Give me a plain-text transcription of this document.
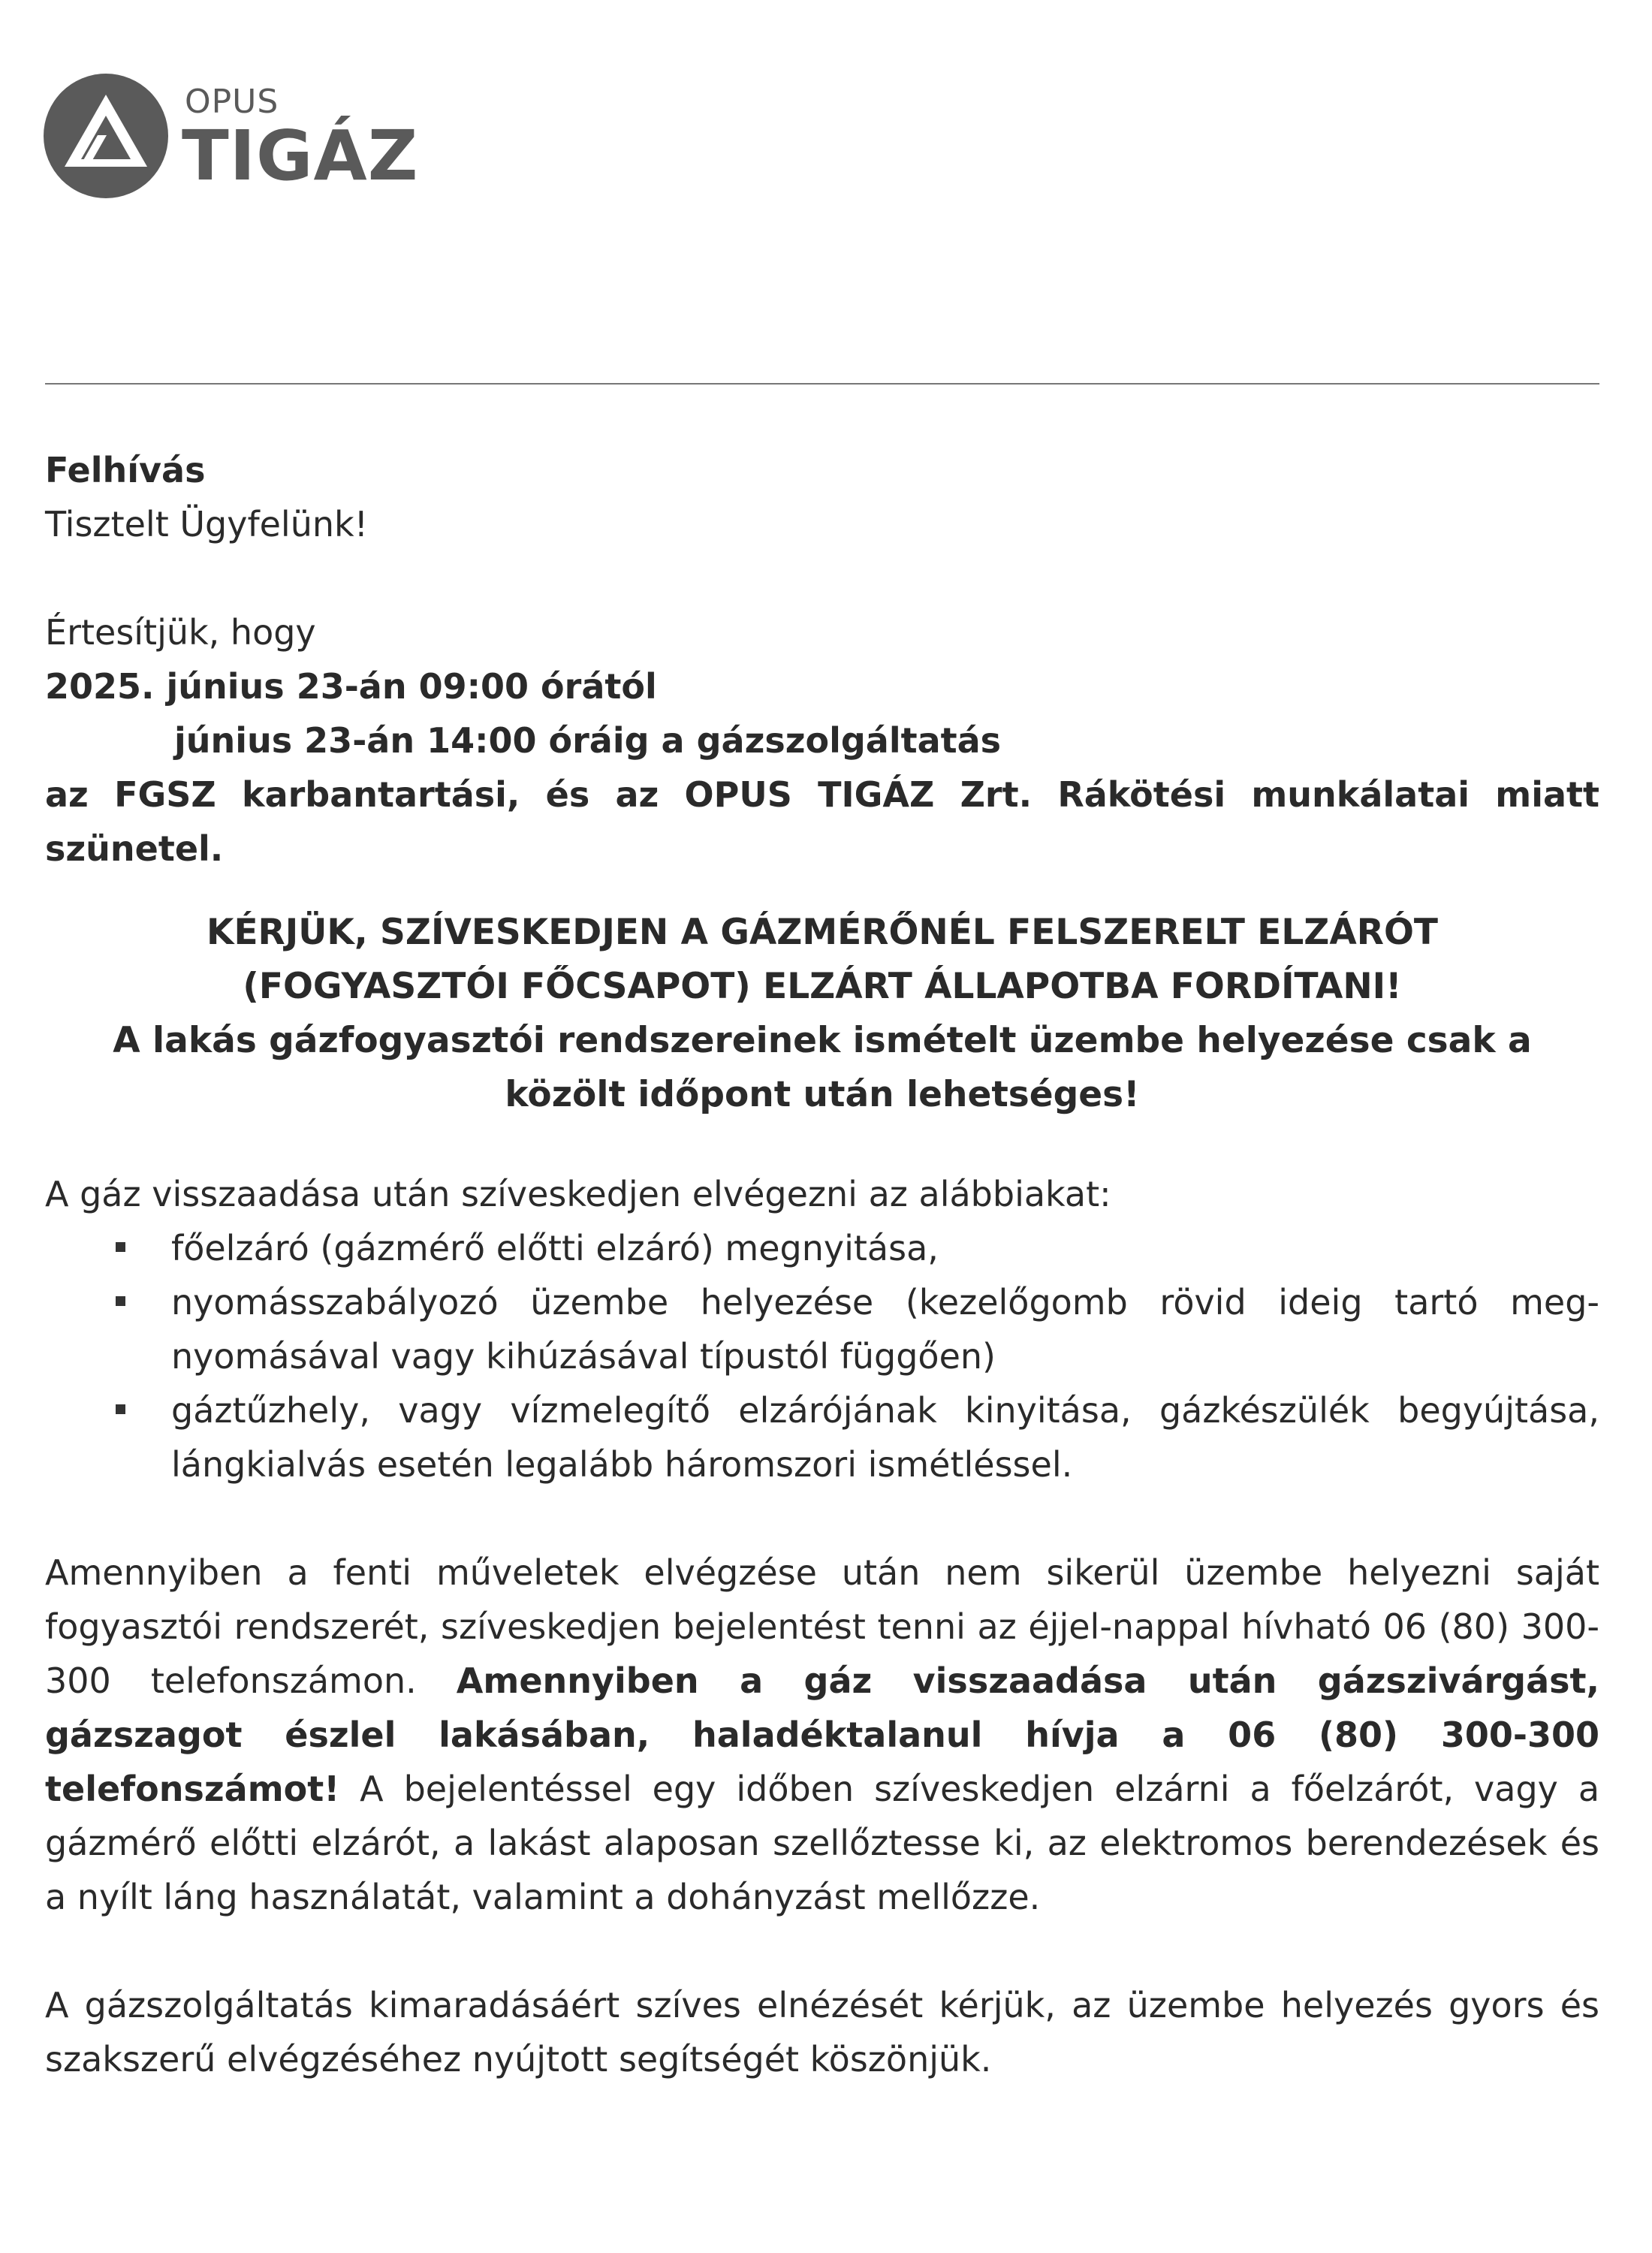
OPUS
TIGÁZ
Felhívás
Tisztelt Ügyfelünk!
Értesítjük, hogy
2025. június 23-án 09:00 órától
június 23-án 14:00 óráig a gázszolgáltatás
az FGSZ karbantartási, és az OPUS TIGÁZ Zrt. Rákötési munkálatai miatt szünetel.
KÉRJÜK, SZÍVESKEDJEN A GÁZMÉRŐNÉL FELSZERELT ELZÁRÓT
(FOGYASZTÓI FŐCSAPOT) ELZÁRT ÁLLAPOTBA FORDÍTANI!
A lakás gázfogyasztói rendszereinek ismételt üzembe helyezése csak a közölt időpont után lehetséges!
A gáz visszaadása után szíveskedjen elvégezni az alábbiakat:
főelzáró (gázmérő előtti elzáró) megnyitása,
nyomásszabályozó üzembe helyezése (kezelőgomb rövid ideig tartó meg-nyomásával vagy kihúzásával típustól függően)
gáztűzhely, vagy vízmelegítő elzárójának kinyitása, gázkészülék begyújtása, lángkialvás esetén legalább háromszori ismétléssel.
Amennyiben a fenti műveletek elvégzése után nem sikerül üzembe helyezni saját fogyasztói rendszerét, szíveskedjen bejelentést tenni az éjjel-nappal hívható 06 (80) 300-300 telefonszámon. Amennyiben a gáz visszaadása után gázszivárgást, gázszagot észlel lakásában, haladéktalanul hívja a 06 (80) 300-300 telefonszámot! A bejelentéssel egy időben szíveskedjen elzárni a főelzárót, vagy a gázmérő előtti elzárót, a lakást alaposan szellőztesse ki, az elektromos berendezések és a nyílt láng használatát, valamint a dohányzást mellőzze.
A gázszolgáltatás kimaradásáért szíves elnézését kérjük, az üzembe helyezés gyors és szakszerű elvégzéséhez nyújtott segítségét köszönjük.
